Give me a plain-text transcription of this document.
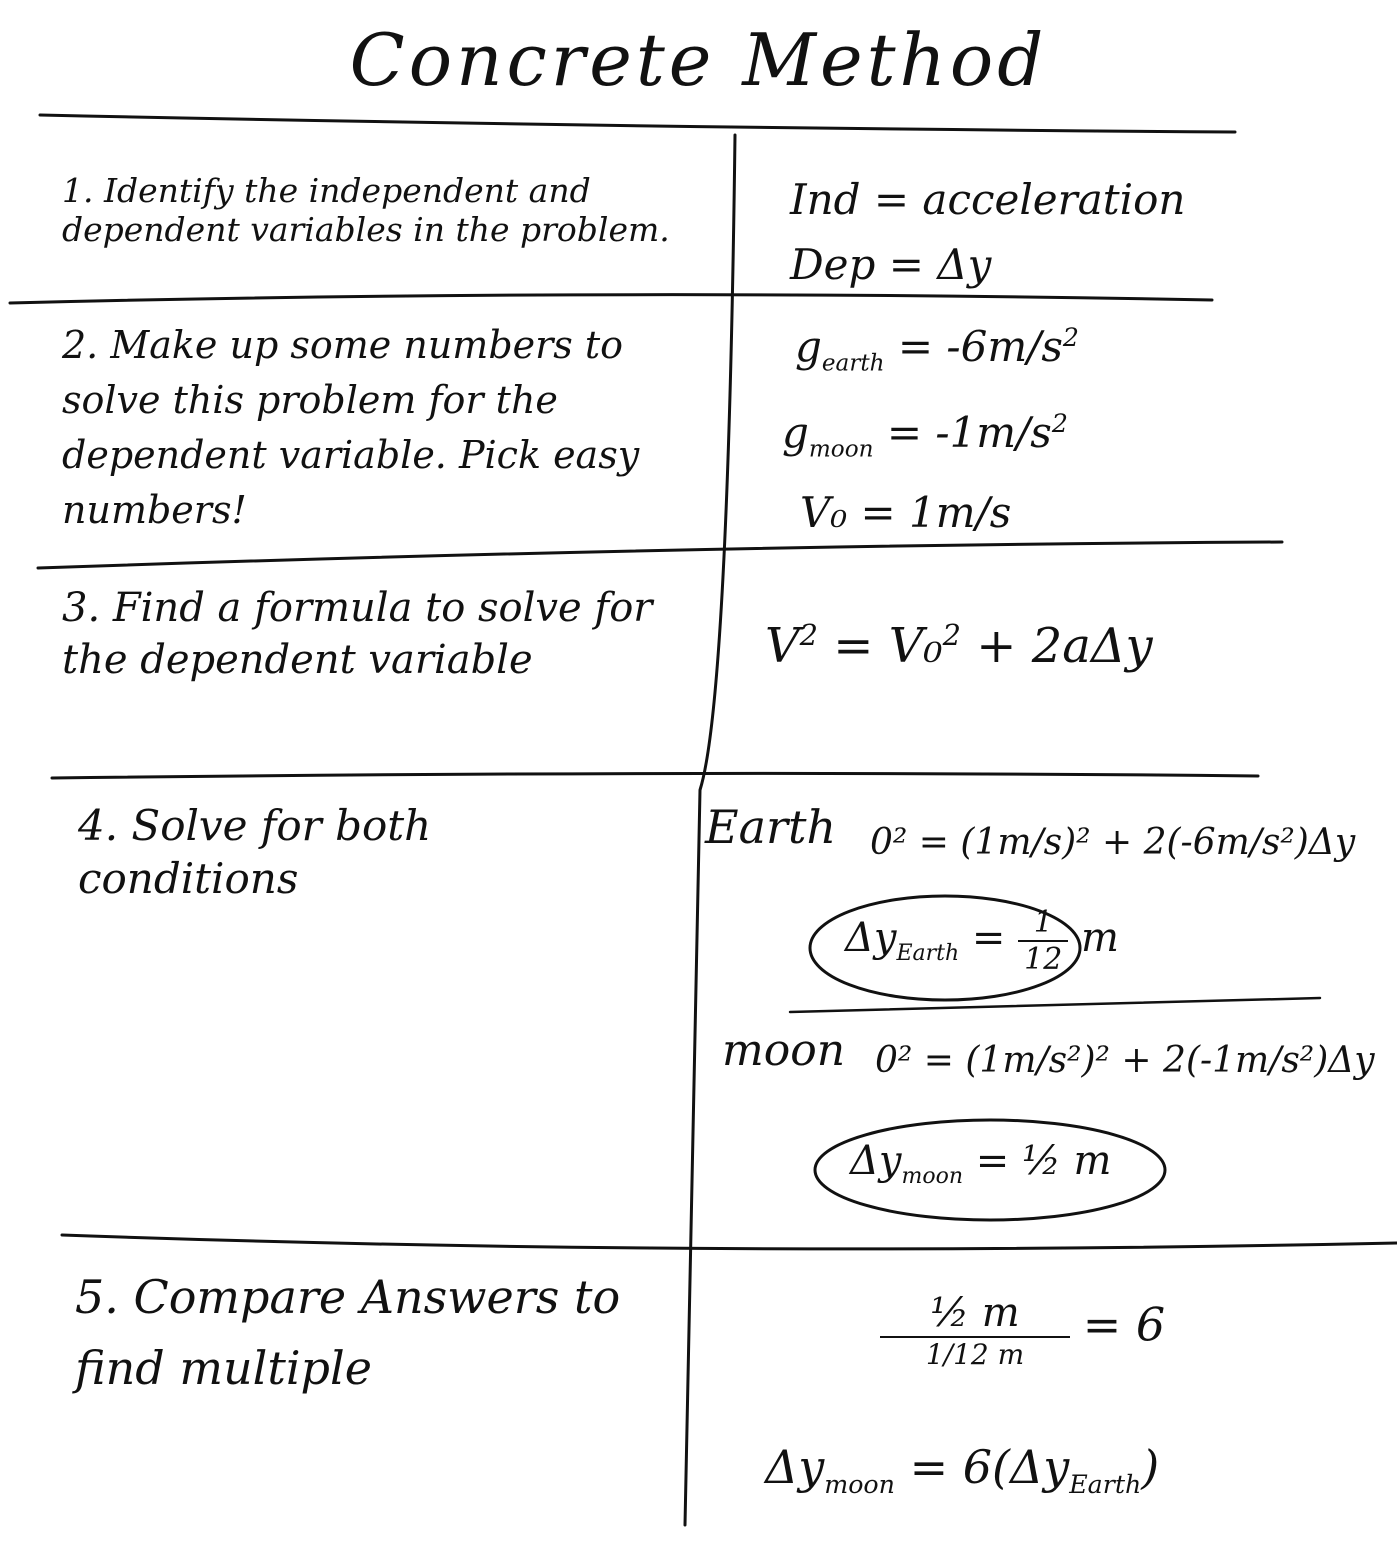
Concrete Method
1. Identify the independent and dependent variables in the problem.
2. Make up some numbers to solve this problem for the dependent variable. Pick easy numbers!
3. Find a formula to solve for the dependent variable
4. Solve for both conditions
5. Compare Answers to find multiple
Ind = acceleration
Dep = Δy
$g_{earth} = -6m/s^2$
$g_{moon} = -1m/s^2$
V₀ = 1m/s
$V^2 = V_0^2 + 2a\Delta y$
Earth 0² = (1m/s)² + 2(-6m/s²)Δy
$\Delta y_{Earth} = \frac{1}{12}$ m
moon 0² = (1m/s²)² + 2(-1m/s²)Δy
$\Delta y_{moon}$ = ½ m
$\frac{\text{½ m}}{1/12 m} = 6$
$\Delta y_{moon} = 6(\Delta y_{Earth})$
